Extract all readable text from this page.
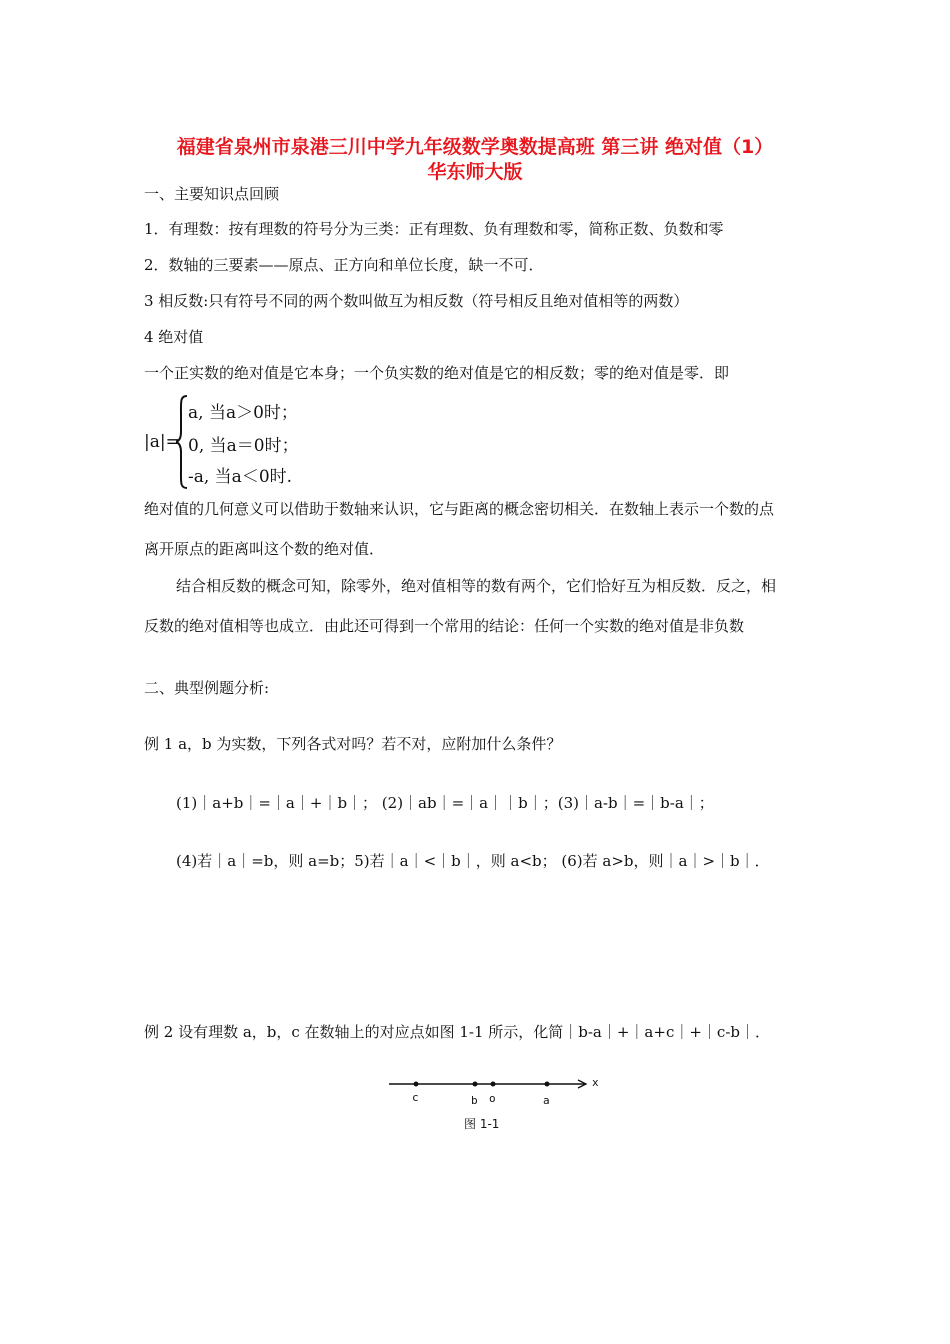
福建省泉州市泉港三川中学九年级数学奥数提高班 第三讲 绝对值（1）
华东师大版
一、主要知识点回顾
1．有理数：按有理数的符号分为三类：正有理数、负有理数和零，简称正数、负数和零
2．数轴的三要素——原点、正方向和单位长度，缺一不可．
3 相反数:只有符号不同的两个数叫做互为相反数（符号相反且绝对值相等的两数）
4 绝对值
一个正实数的绝对值是它本身；一个负实数的绝对值是它的相反数；零的绝对值是零．即
|a|=
a, 当a＞0时；
0, 当a＝0时；
-a, 当a＜0时.
绝对值的几何意义可以借助于数轴来认识，它与距离的概念密切相关．在数轴上表示一个数的点
离开原点的距离叫这个数的绝对值．
结合相反数的概念可知，除零外，绝对值相等的数有两个，它们恰好互为相反数．反之，相
反数的绝对值相等也成立．由此还可得到一个常用的结论：任何一个实数的绝对值是非负数
二、典型例题分析:
例 1 a，b 为实数，下列各式对吗？若不对，应附加什么条件？
(1)｜a+b｜=｜a｜+｜b｜； (2)｜ab｜=｜a｜｜b｜；(3)｜a-b｜=｜b-a｜；
(4)若｜a｜=b，则 a=b；5)若｜a｜<｜b｜，则 a<b； (6)若 a>b，则｜a｜>｜b｜．
例 2 设有理数 a，b，c 在数轴上的对应点如图 1-1 所示，化简｜b-a｜+｜a+c｜+｜c-b｜．
c	b o	a
x
图 1-1
